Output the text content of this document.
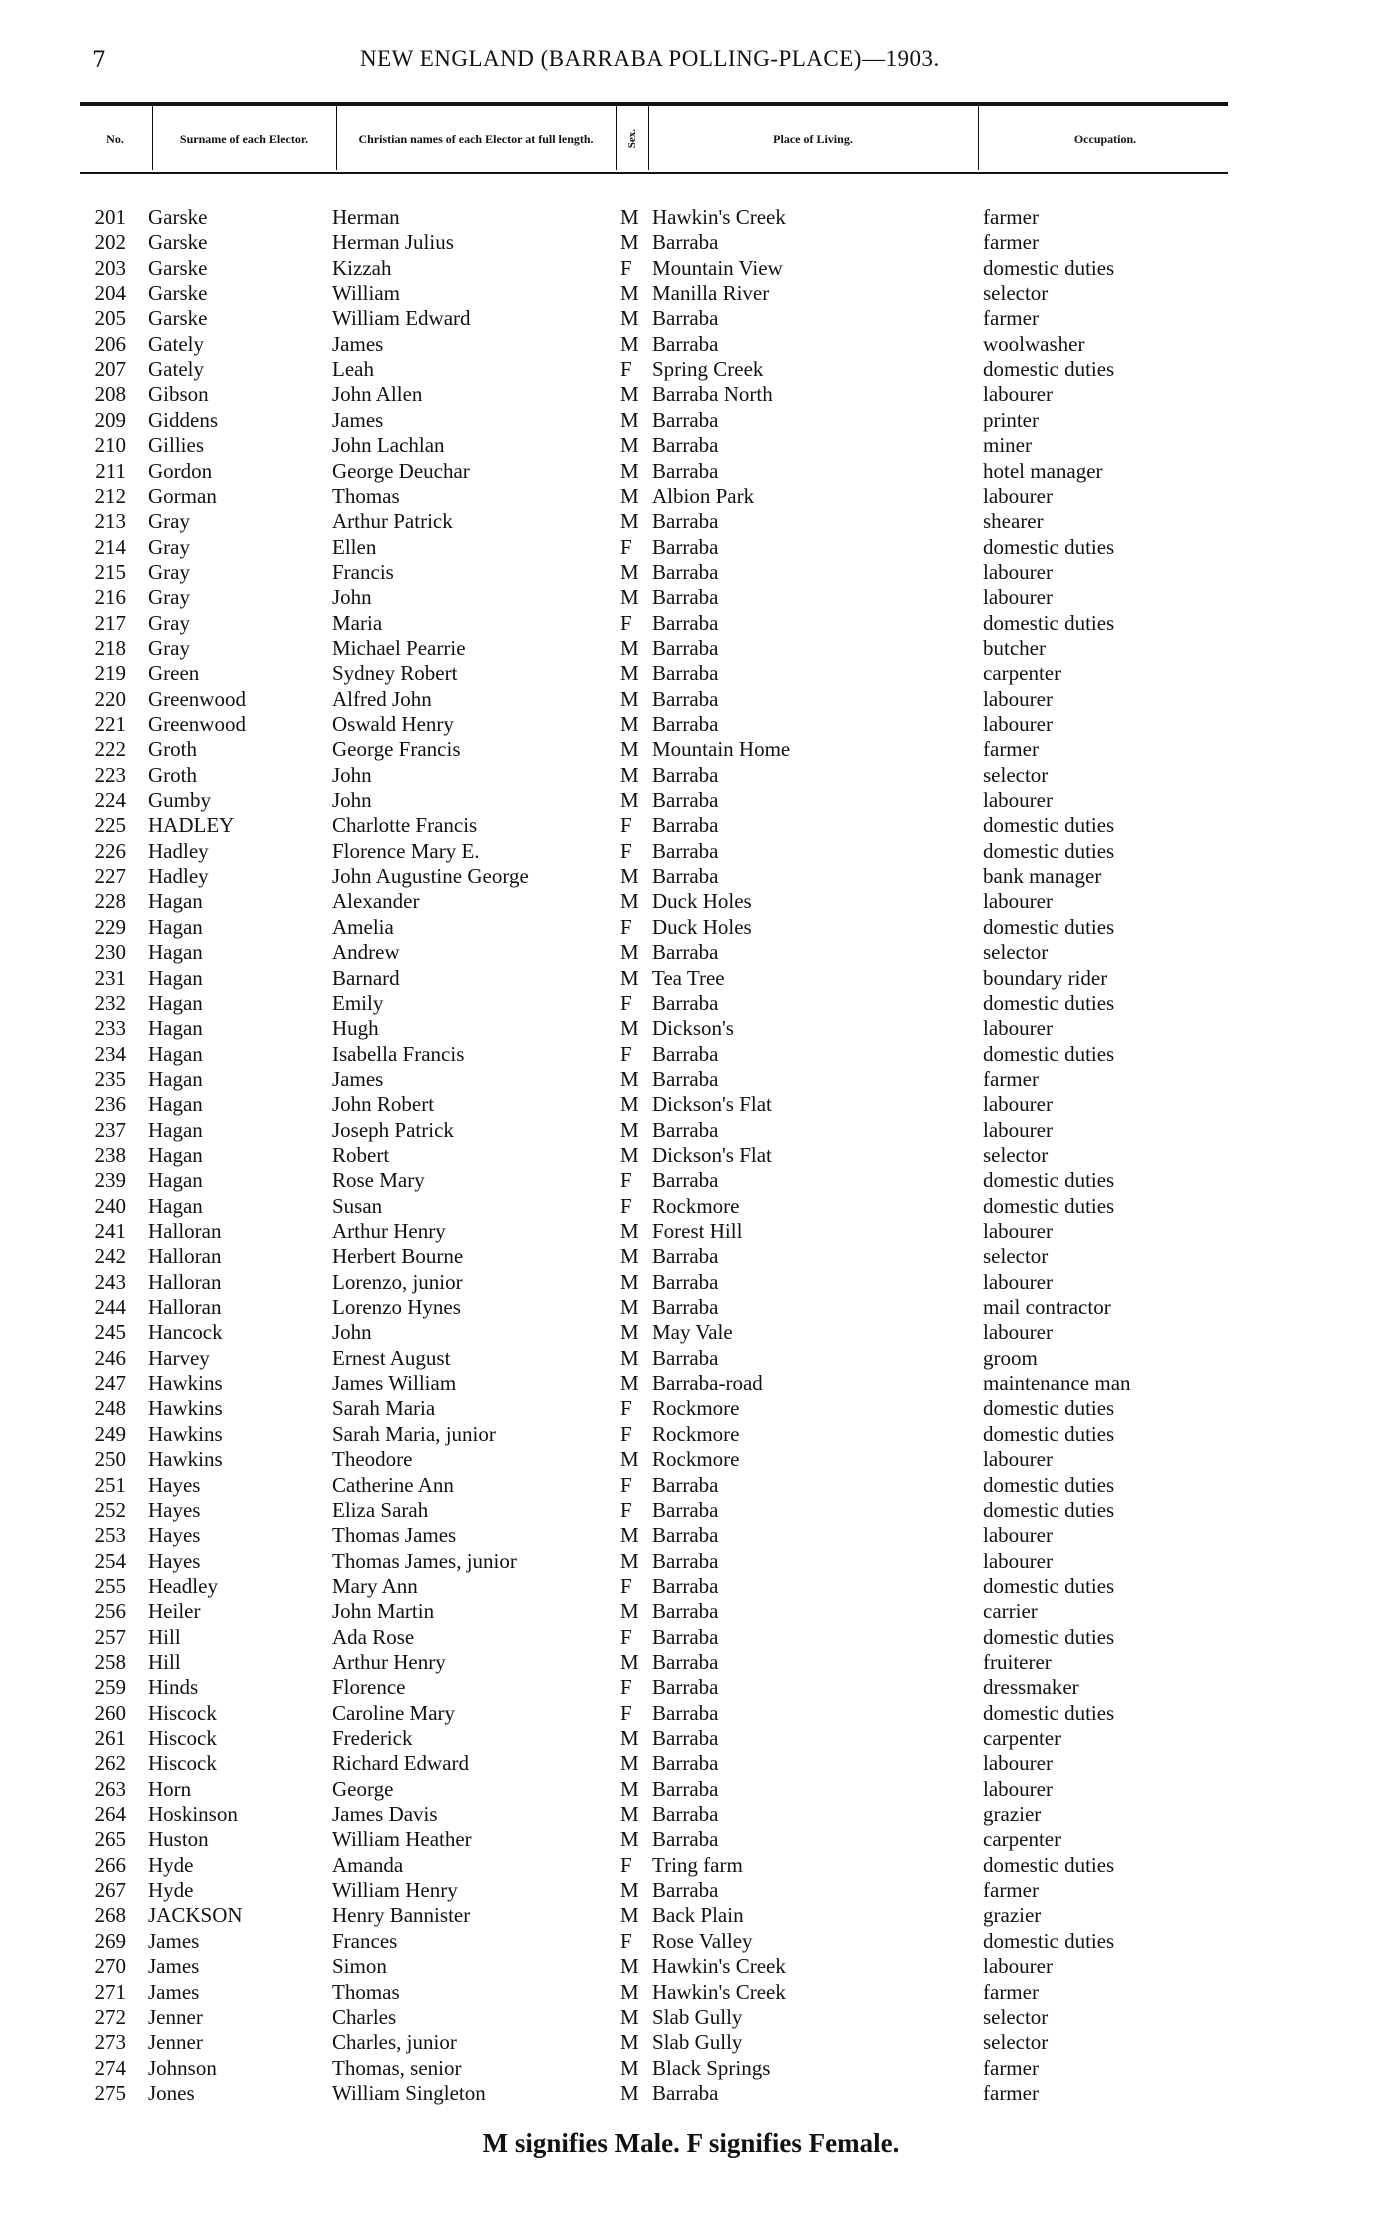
7	NEW ENGLAND (BARRABA POLLING-PLACE)—1903.
No.	Surname of each Elector.	Christian names of each Elector at full length.	Sex.	Place of Living.	Occupation.
201 Garske	Herman	M Hawkin's Creek	farmer
202 Garske	Herman Julius	M Barraba	farmer
203 Garske	Kizzah	F Mountain View	domestic duties
204 Garske	William	M Manilla River	selector
205 Garske	William Edward	M Barraba	farmer
206 Gately	James	M Barraba	woolwasher
207 Gately	Leah	F Spring Creek	domestic duties
208 Gibson	John Allen	M Barraba North	labourer
209 Giddens	James	M Barraba	printer
210 Gillies	John Lachlan	M Barraba	miner
211 Gordon	George Deuchar	M Barraba	hotel manager
212 Gorman	Thomas	M Albion Park	labourer
213 Gray	Arthur Patrick	M Barraba	shearer
214 Gray	Ellen	F Barraba	domestic duties
215 Gray	Francis	M Barraba	labourer
216 Gray	John	M Barraba	labourer
217 Gray	Maria	F Barraba	domestic duties
218 Gray	Michael Pearrie	M Barraba	butcher
219 Green	Sydney Robert	M Barraba	carpenter
220 Greenwood	Alfred John	M Barraba	labourer
221 Greenwood	Oswald Henry	M Barraba	labourer
222 Groth	George Francis	M Mountain Home	farmer
223 Groth	John	M Barraba	selector
224 Gumby	John	M Barraba	labourer
225 HADLEY	Charlotte Francis	F Barraba	domestic duties
226 Hadley	Florence Mary E.	F Barraba	domestic duties
227 Hadley	John Augustine George	M Barraba	bank manager
228 Hagan	Alexander	M Duck Holes	labourer
229 Hagan	Amelia	F Duck Holes	domestic duties
230 Hagan	Andrew	M Barraba	selector
231 Hagan	Barnard	M Tea Tree	boundary rider
232 Hagan	Emily	F Barraba	domestic duties
233 Hagan	Hugh	M Dickson's	labourer
234 Hagan	Isabella Francis	F Barraba	domestic duties
235 Hagan	James	M Barraba	farmer
236 Hagan	John Robert	M Dickson's Flat	labourer
237 Hagan	Joseph Patrick	M Barraba	labourer
238 Hagan	Robert	M Dickson's Flat	selector
239 Hagan	Rose Mary	F Barraba	domestic duties
240 Hagan	Susan	F Rockmore	domestic duties
241 Halloran	Arthur Henry	M Forest Hill	labourer
242 Halloran	Herbert Bourne	M Barraba	selector
243 Halloran	Lorenzo, junior	M Barraba	labourer
244 Halloran	Lorenzo Hynes	M Barraba	mail contractor
245 Hancock	John	M May Vale	labourer
246 Harvey	Ernest August	M Barraba	groom
247 Hawkins	James William	M Barraba-road	maintenance man
248 Hawkins	Sarah Maria	F Rockmore	domestic duties
249 Hawkins	Sarah Maria, junior	F Rockmore	domestic duties
250 Hawkins	Theodore	M Rockmore	labourer
251 Hayes	Catherine Ann	F Barraba	domestic duties
252 Hayes	Eliza Sarah	F Barraba	domestic duties
253 Hayes	Thomas James	M Barraba	labourer
254 Hayes	Thomas James, junior	M Barraba	labourer
255 Headley	Mary Ann	F Barraba	domestic duties
256 Heiler	John Martin	M Barraba	carrier
257 Hill	Ada Rose	F Barraba	domestic duties
258 Hill	Arthur Henry	M Barraba	fruiterer
259 Hinds	Florence	F Barraba	dressmaker
260 Hiscock	Caroline Mary	F Barraba	domestic duties
261 Hiscock	Frederick	M Barraba	carpenter
262 Hiscock	Richard Edward	M Barraba	labourer
263 Horn	George	M Barraba	labourer
264 Hoskinson	James Davis	M Barraba	grazier
265 Huston	William Heather	M Barraba	carpenter
266 Hyde	Amanda	F Tring farm	domestic duties
267 Hyde	William Henry	M Barraba	farmer
268 JACKSON	Henry Bannister	M Back Plain	grazier
269 James	Frances	F Rose Valley	domestic duties
270 James	Simon	M Hawkin's Creek	labourer
271 James	Thomas	M Hawkin's Creek	farmer
272 Jenner	Charles	M Slab Gully	selector
273 Jenner	Charles, junior	M Slab Gully	selector
274 Johnson	Thomas, senior	M Black Springs	farmer
275 Jones	William Singleton	M Barraba	farmer
M signifies Male. F signifies Female.
